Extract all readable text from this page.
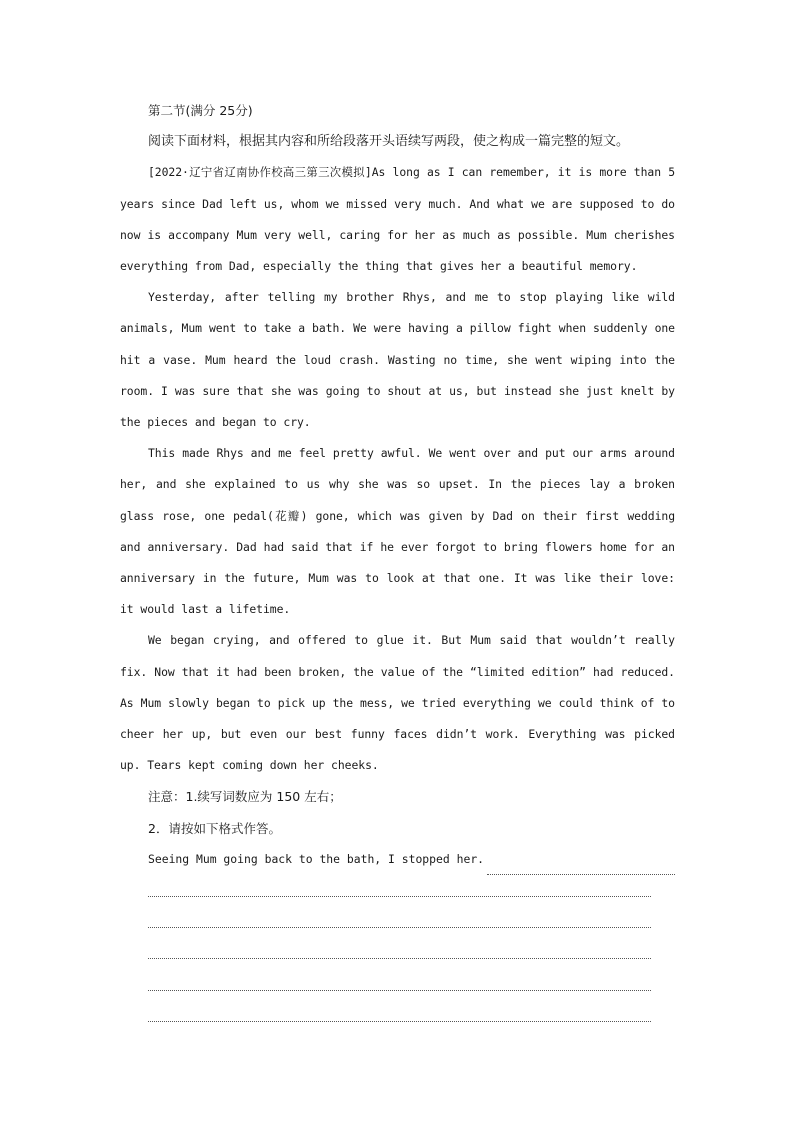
第二节(满分 25分)

阅读下面材料，根据其内容和所给段落开头语续写两段，使之构成一篇完整的短文。

[2022·辽宁省辽南协作校高三第三次模拟]As long as I can remember, it is more than 5 years since Dad left us, whom we missed very much. And what we are supposed to do now is accompany Mum very well, caring for her as much as possible. Mum cherishes everything from Dad, especially the thing that gives her a beautiful memory.

Yesterday, after telling my brother Rhys, and me to stop playing like wild animals, Mum went to take a bath. We were having a pillow fight when suddenly one hit a vase. Mum heard the loud crash. Wasting no time, she went wiping into the room. I was sure that she was going to shout at us, but instead she just knelt by the pieces and began to cry.

This made Rhys and me feel pretty awful. We went over and put our arms around her, and she explained to us why she was so upset. In the pieces lay a broken glass rose, one pedal(花瓣) gone, which was given by Dad on their first wedding and anniversary. Dad had said that if he ever forgot to bring flowers home for an anniversary in the future, Mum was to look at that one. It was like their love: it would last a lifetime.

We began crying, and offered to glue it. But Mum said that wouldn’t really fix. Now that it had been broken, the value of the “limited edition” had reduced. As Mum slowly began to pick up the mess, we tried everything we could think of to cheer her up, but even our best funny faces didn’t work. Everything was picked up. Tears kept coming down her cheeks.

注意：1.续写词数应为 150 左右；

2．请按如下格式作答。

Seeing Mum going back to the bath, I stopped her.
